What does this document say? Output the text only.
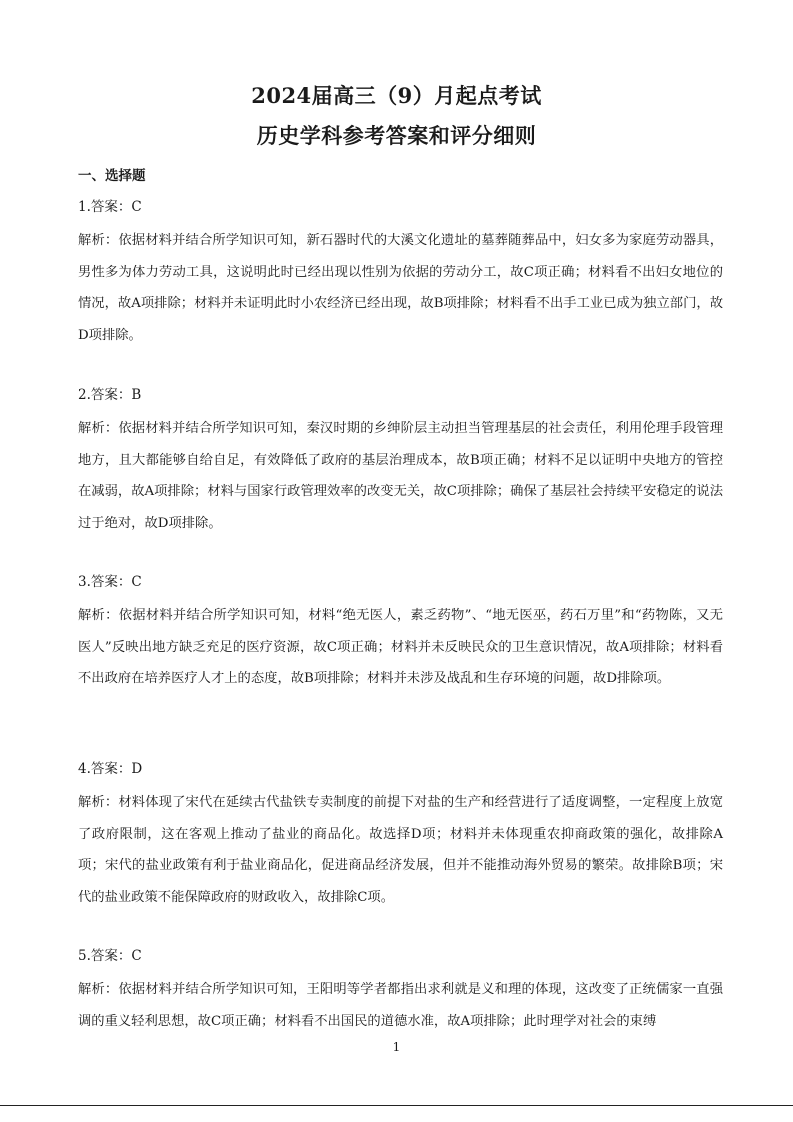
2024届高三（9）月起点考试
历史学科参考答案和评分细则
一、选择题

1.答案：C

解析：依据材料并结合所学知识可知，新石器时代的大溪文化遗址的墓葬随葬品中，妇女多为家庭劳动器具，男性多为体力劳动工具，这说明此时已经出现以性别为依据的劳动分工，故C项正确；材料看不出妇女地位的情况，故A项排除；材料并未证明此时小农经济已经出现，故B项排除；材料看不出手工业已成为独立部门，故D项排除。

2.答案：B

解析：依据材料并结合所学知识可知，秦汉时期的乡绅阶层主动担当管理基层的社会责任，利用伦理手段管理地方，且大都能够自给自足，有效降低了政府的基层治理成本，故B项正确；材料不足以证明中央地方的管控在减弱，故A项排除；材料与国家行政管理效率的改变无关，故C项排除；确保了基层社会持续平安稳定的说法过于绝对，故D项排除。

3.答案：C

解析：依据材料并结合所学知识可知，材料“绝无医人，素乏药物”、“地无医巫，药石万里”和“药物陈，又无医人”反映出地方缺乏充足的医疗资源，故C项正确；材料并未反映民众的卫生意识情况，故A项排除；材料看不出政府在培养医疗人才上的态度，故B项排除；材料并未涉及战乱和生存环境的问题，故D排除项。

4.答案：D

解析：材料体现了宋代在延续古代盐铁专卖制度的前提下对盐的生产和经营进行了适度调整，一定程度上放宽了政府限制，这在客观上推动了盐业的商品化。故选择D项；材料并未体现重农抑商政策的强化，故排除A项；宋代的盐业政策有利于盐业商品化，促进商品经济发展，但并不能推动海外贸易的繁荣。故排除B项；宋代的盐业政策不能保障政府的财政收入，故排除C项。

5.答案：C

解析：依据材料并结合所学知识可知，王阳明等学者都指出求利就是义和理的体现，这改变了正统儒家一直强调的重义轻利思想，故C项正确；材料看不出国民的道德水准，故A项排除；此时理学对社会的束缚

1
